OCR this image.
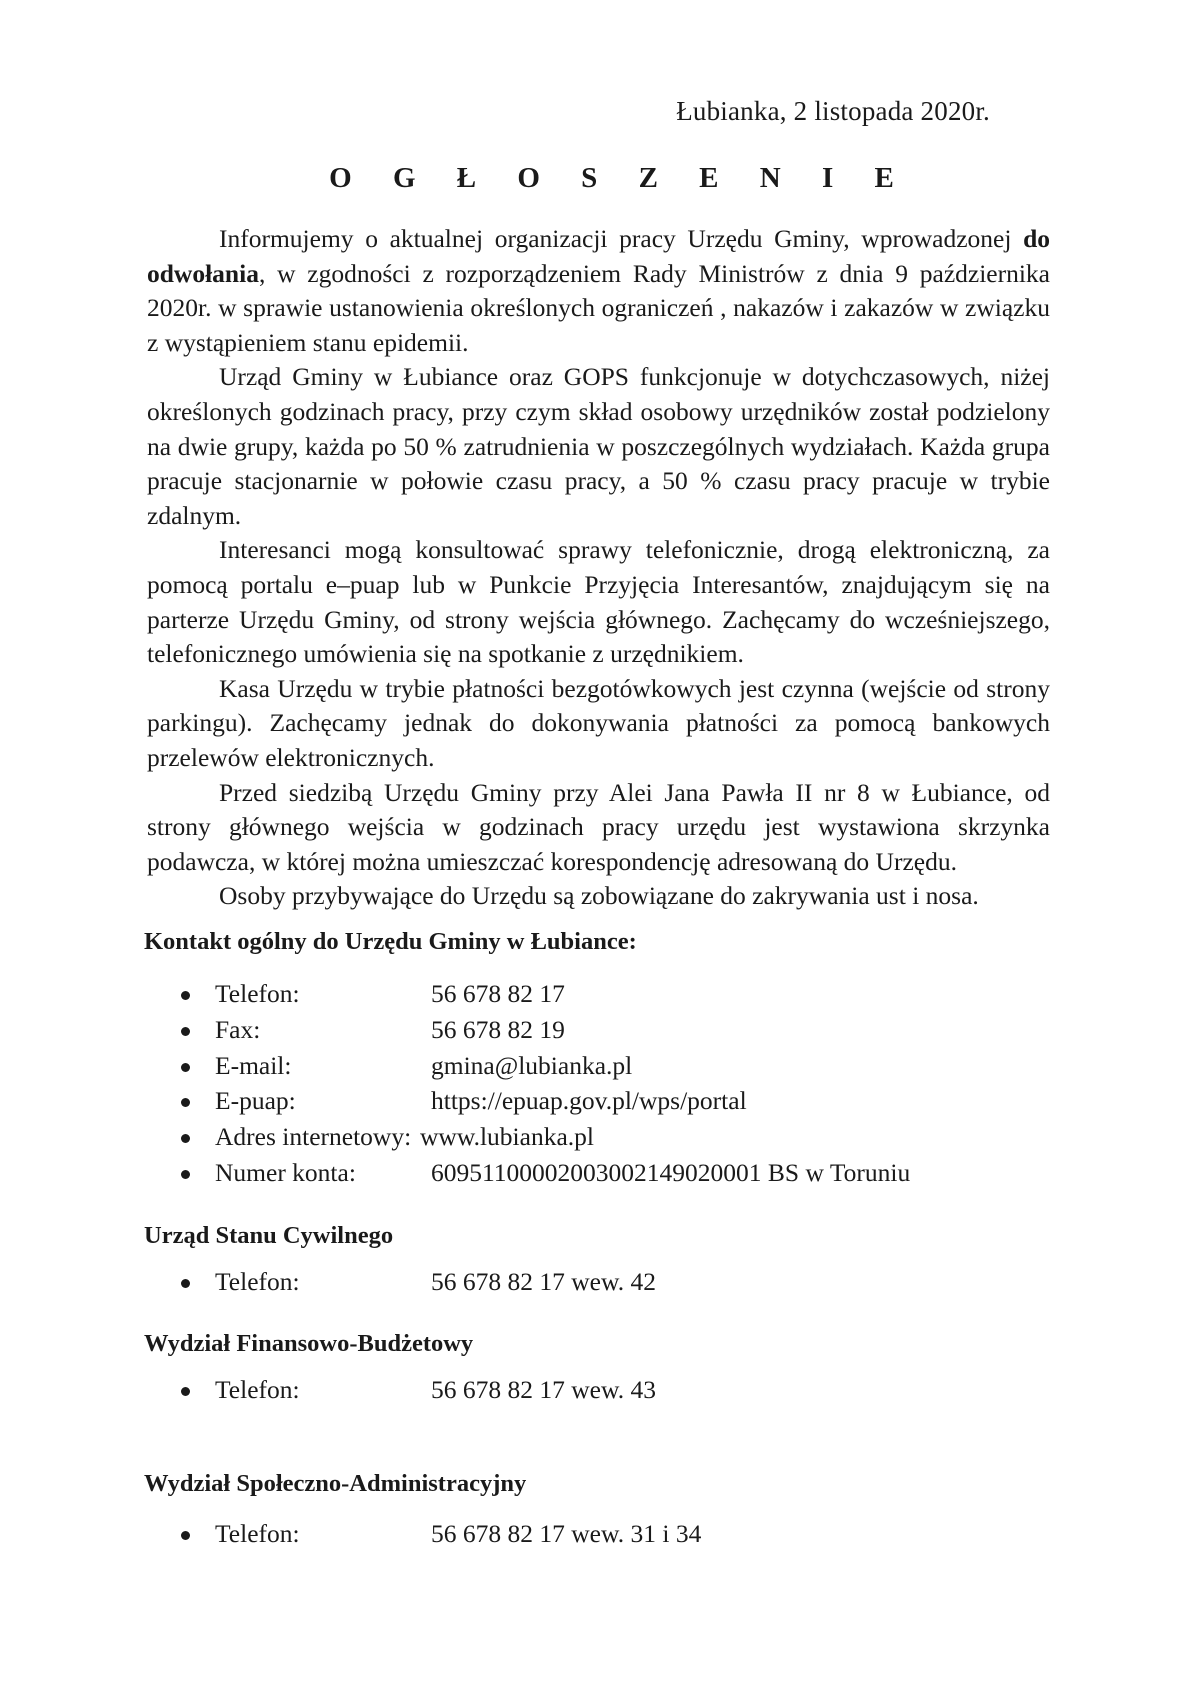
Łubianka, 2 listopada 2020r.
O G Ł O S Z E N I E

Informujemy o aktualnej organizacji pracy Urzędu Gminy, wprowadzonej do odwołania, w zgodności z rozporządzeniem Rady Ministrów z dnia 9 października 2020r. w sprawie ustanowienia określonych ograniczeń , nakazów i zakazów w związku z wystąpieniem stanu epidemii.

Urząd Gminy w Łubiance oraz GOPS funkcjonuje w dotychczasowych, niżej określonych godzinach pracy, przy czym skład osobowy urzędników został podzielony na dwie grupy, każda po 50 % zatrudnienia w poszczególnych wydziałach. Każda grupa pracuje stacjonarnie w połowie czasu pracy, a 50 % czasu pracy pracuje w trybie zdalnym.

Interesanci mogą konsultować sprawy telefonicznie, drogą elektroniczną, za pomocą portalu e–puap lub w Punkcie Przyjęcia Interesantów, znajdującym się na parterze Urzędu Gminy, od strony wejścia głównego. Zachęcamy do wcześniejszego, telefonicznego umówienia się na spotkanie z urzędnikiem.

Kasa Urzędu w trybie płatności bezgotówkowych jest czynna (wejście od strony parkingu). Zachęcamy jednak do dokonywania płatności za pomocą bankowych przelewów elektronicznych.

Przed siedzibą Urzędu Gminy przy Alei Jana Pawła II nr 8 w Łubiance, od strony głównego wejścia w godzinach pracy urzędu jest wystawiona skrzynka podawcza, w której można umieszczać korespondencję adresowaną do Urzędu.

Osoby przybywające do Urzędu są zobowiązane do zakrywania ust i nosa.

Kontakt ogólny do Urzędu Gminy w Łubiance:
Telefon:	56 678 82 17
Fax:	56 678 82 19
E-mail:	gmina@lubianka.pl
E-puap:	https://epuap.gov.pl/wps/portal
Adres internetowy: www.lubianka.pl
Numer konta:	60951100002003002149020001 BS w Toruniu
Urząd Stanu Cywilnego
Telefon:	56 678 82 17 wew. 42
Wydział Finansowo-Budżetowy
Telefon:	56 678 82 17 wew. 43
Wydział Społeczno-Administracyjny
Telefon:	56 678 82 17 wew. 31 i 34
